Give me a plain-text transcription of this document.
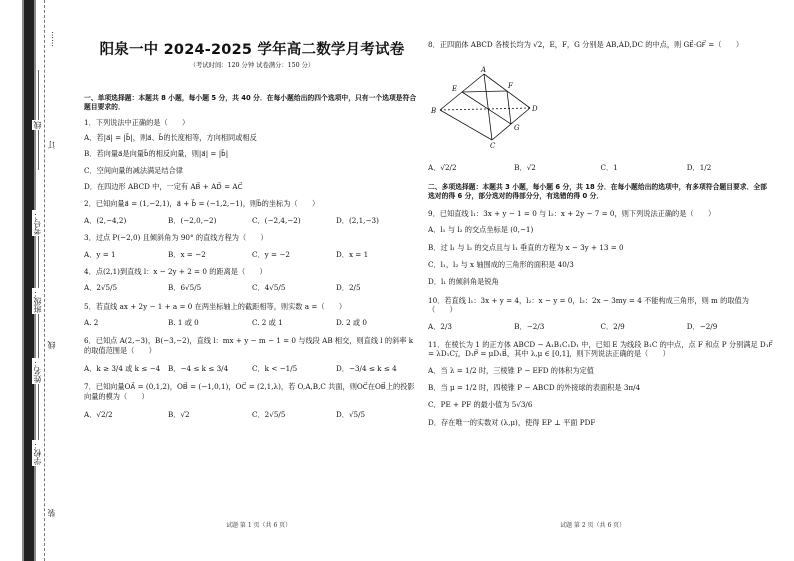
线
考号：
班级：
姓名：
学校：
线
订
装
……
阳泉一中 2024-2025 学年高二数学月考试卷
（考试时间：120 分钟 试卷满分：150 分）

一、单项选择题：本题共 8 小题，每小题 5 分，共 40 分．在每小题给出的四个选项中，只有一个选项是符合题目要求的．

1．下列说法中正确的是（　　）

A．若|a⃗| = |b⃗|，则a⃗、b⃗的长度相等，方向相同或相反

B．若向量a⃗是向量b⃗的相反向量，则|a⃗| = |b⃗|

C．空间向量的减法满足结合律

D．在四边形 ABCD 中，一定有 AB⃗ + AD⃗ = AC⃗

2．已知向量a⃗ = (1,−2,1)，a⃗ + b⃗ = (−1,2,−1)，则b⃗的坐标为（　　）

A．(2,−4,2)	B．(−2,0,−2)	C．(−2,4,−2)	D．(2,1,−3)

3．过点 P(−2,0) 且倾斜角为 90° 的直线方程为（　　）

A．y = 1	B．x = −2	C．y = −2	D．x = 1

4．点(2,1)到直线 l：x − 2y + 2 = 0 的距离是（　　）

A．2√5/5	B．6√5/5	C．4√5/5	D．2/5

5．若直线 ax + 2y − 1 + a = 0 在两坐标轴上的截距相等，则实数 a =（　　）

A. 2	B. 1 或 0	C. 2 或 1	D. 2 或 0

6．已知点 A(2,−3)，B(−3,−2)，直线 l：mx + y − m − 1 = 0 与线段 AB 相交，则直线 l 的斜率 k 的取值范围是（　　）

A．k ≥ 3/4 或 k ≤ −4	B．−4 ≤ k ≤ 3/4	C．k < −1/5	D．−3/4 ≤ k ≤ 4

7．已知向量OA⃗ = (0,1,2)，OB⃗ = (−1,0,1)，OC⃗ = (2,1,λ)，若 O,A,B,C 共面，则OC⃗在OB⃗上的投影向量的模为（　　）

A．√2/2	B．√2	C．2√5/5	D．√5/5
试题 第 1 页（共 6 页）

8．正四面体 ABCD 各棱长均为 √2，E，F，G 分别是 AB,AD,DC 的中点，则 GE⃗·GF⃗ =（　　）

A
E	F
B	D
G
C
A．√2/2	B．√2	C．1	D．1/2

二、多项选择题：本题共 3 小题，每小题 6 分，共 18 分．在每小题给出的选项中，有多项符合题目要求．全部选对的得 6 分，部分选对的得部分分，有选错的得 0 分．

9．已知直线 l₁：3x + y − 1 = 0 与 l₂：x + 2y − 7 = 0，则下列说法正确的是（　　）

A．l₁ 与 l₂ 的交点坐标是 (0,−1)

B．过 l₁ 与 l₂ 的交点且与 l₁ 垂直的方程为 x − 3y + 13 = 0

C．l₁，l₂ 与 x 轴围成的三角形的面积是 40/3

D．l₁ 的倾斜角是锐角

10．若直线 l₁：3x + y = 4，l₂：x − y = 0，l₃：2x − 3my = 4 不能构成三角形，则 m 的取值为（　　）

A．2/3	B．−2/3	C．2/9	D．−2/9

11．在棱长为 1 的正方体 ABCD − A₁B₁C₁D₁ 中，已知 E 为线段 B₁C 的中点，点 F 和点 P 分别满足 D₁F⃗ = λD₁C₁⃗，D₁P⃗ = μD₁B⃗，其中 λ,μ ∈ [0,1]，则下列说法正确的是（　　）

A．当 λ = 1/2 时，三棱锥 P − EFD 的体积为定值

B．当 μ = 1/2 时，四棱锥 P − ABCD 的外接球的表面积是 3π/4

C．PE + PF 的最小值为 5√3/6

D．存在唯一的实数对 (λ,μ)，使得 EP ⊥ 平面 PDF

试题 第 2 页（共 6 页）
